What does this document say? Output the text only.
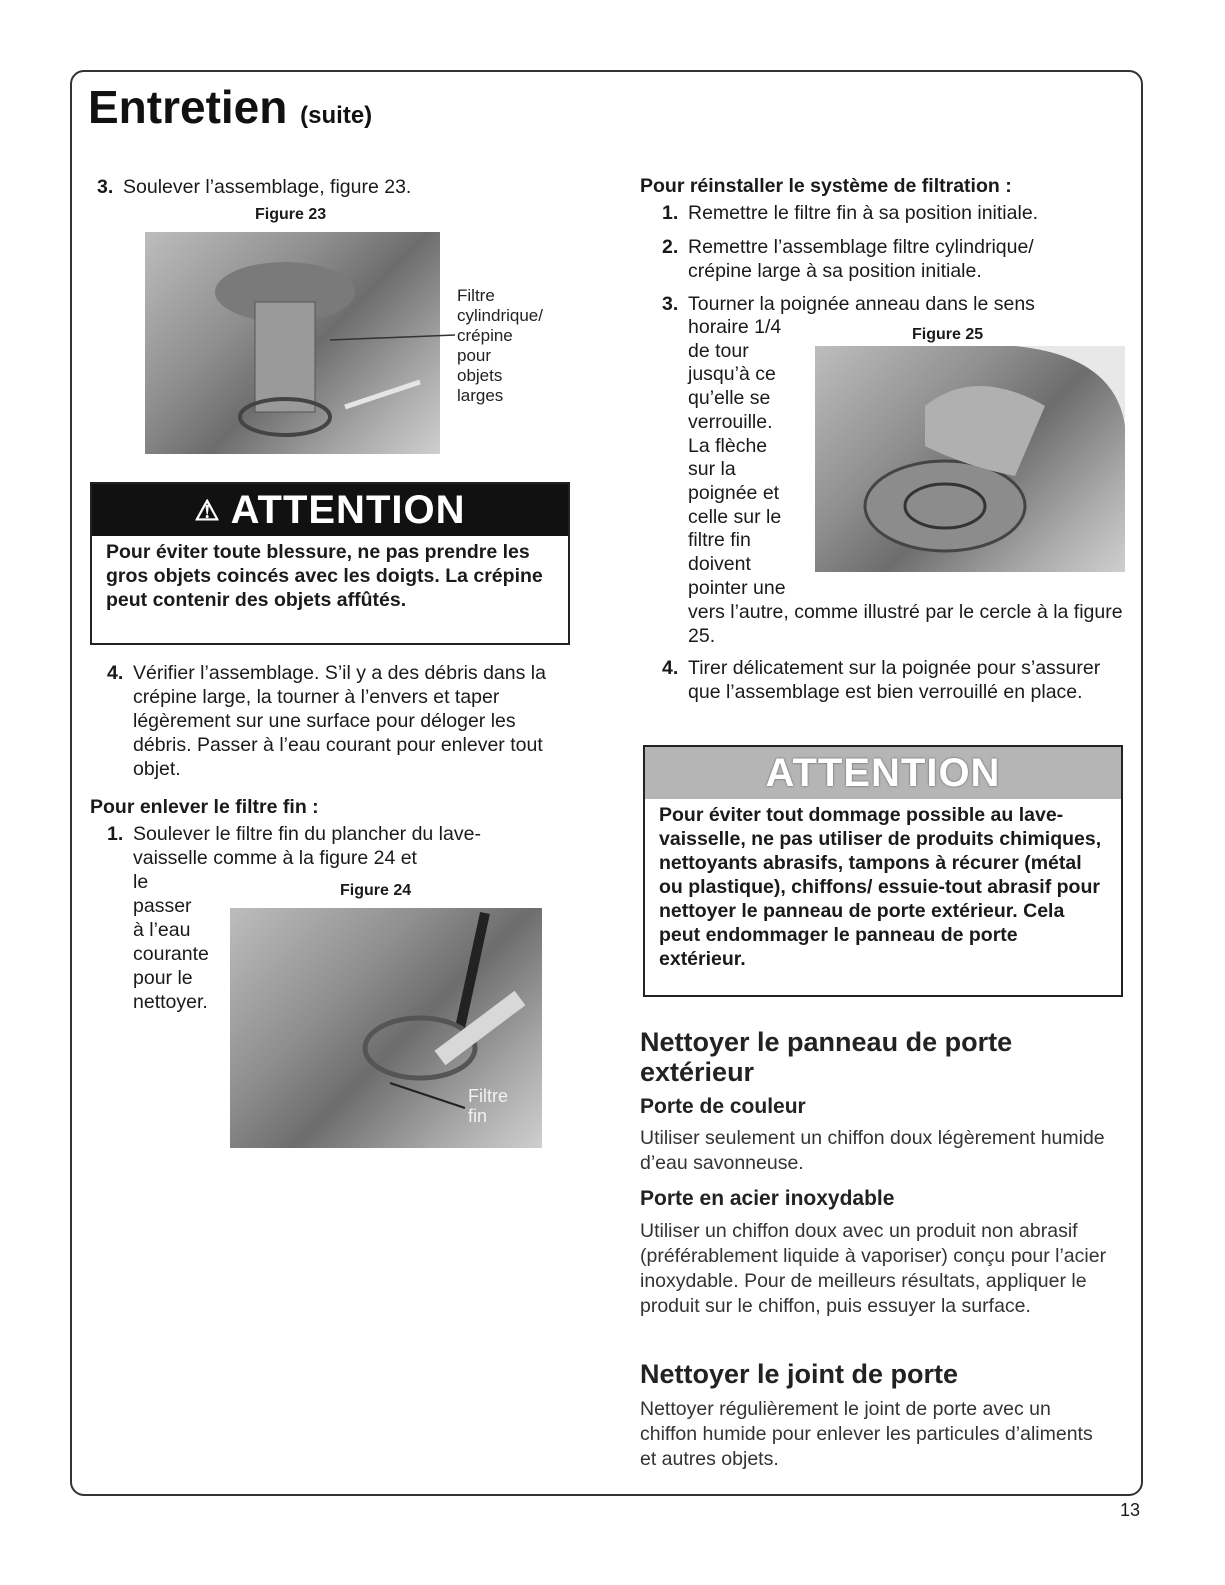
Entretien (suite)
3. Soulever l’assemblage, figure 23.
Figure 23
Filtre
cylindrique/
crépine
pour
objets
larges
⚠ ATTENTION
Pour éviter toute blessure, ne pas prendre les gros objets coincés avec les doigts. La crépine peut contenir des objets affûtés.
4. Vérifier l’assemblage. S’il y a des débris dans la crépine large, la tourner à l’envers et taper légèrement sur une surface pour déloger les débris. Passer à l’eau courant pour enlever tout objet.
Pour enlever le filtre fin :
1. Soulever le filtre fin du plancher du lave-vaisselle comme à la figure 24 et
le
passer
à l’eau
courante
pour le
nettoyer.
Figure 24
Filtre
fin
Pour réinstaller le système de filtration :
1. Remettre le filtre fin à sa position initiale.
2. Remettre l’assemblage filtre cylindrique/ crépine large à sa position initiale.
3. Tourner la poignée anneau dans le sens
horaire 1/4
de tour
jusqu’à ce
qu’elle se
verrouille.
La flèche
sur la
poignée et
celle sur le
filtre fin
doivent
pointer une
vers l’autre, comme illustré par le cercle à la figure 25.
Figure 25
4. Tirer délicatement sur la poignée pour s’assurer que l’assemblage est bien verrouillé en place.
ATTENTION
Pour éviter tout dommage possible au lave-vaisselle, ne pas utiliser de produits chimiques, nettoyants abrasifs, tampons à récurer (métal ou plastique), chiffons/ essuie-tout abrasif pour nettoyer le panneau de porte extérieur. Cela peut endommager le panneau de porte extérieur.
Nettoyer le panneau de porte extérieur
Porte de couleur
Utiliser seulement un chiffon doux légèrement humide d’eau savonneuse.
Porte en acier inoxydable
Utiliser un chiffon doux avec un produit non abrasif (préférablement liquide à vaporiser) conçu pour l’acier inoxydable. Pour de meilleurs résultats, appliquer le produit sur le chiffon, puis essuyer la surface.
Nettoyer le joint de porte
Nettoyer régulièrement le joint de porte avec un chiffon humide pour enlever les particules d’aliments et autres objets.
13
